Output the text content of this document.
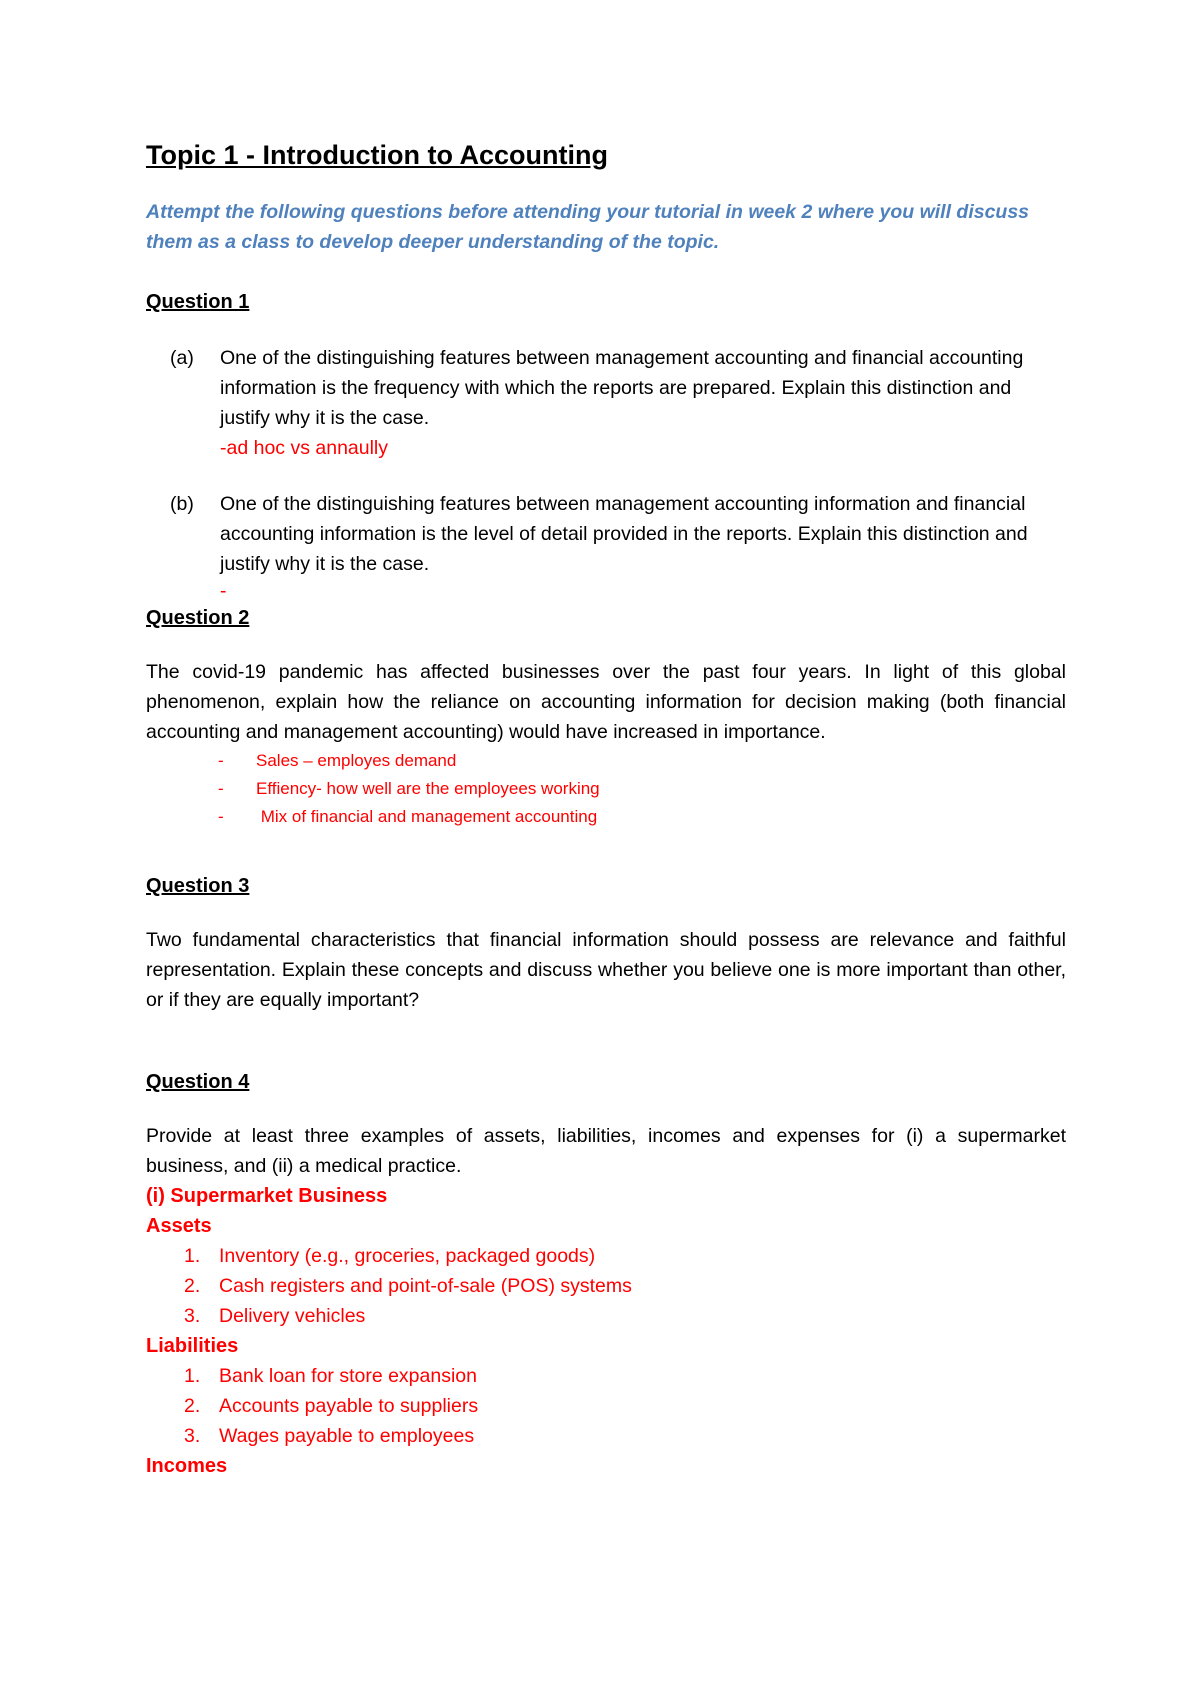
Topic 1 - Introduction to Accounting
Attempt the following questions before attending your tutorial in week 2 where you will discuss them as a class to develop deeper understanding of the topic.
Question 1
(a)	One of the distinguishing features between management accounting and financial accounting information is the frequency with which the reports are prepared. Explain this distinction and justify why it is the case.
-ad hoc vs annaully
(b)	One of the distinguishing features between management accounting information and financial accounting information is the level of detail provided in the reports. Explain this distinction and justify why it is the case.
-
Question 2
The covid-19 pandemic has affected businesses over the past four years. In light of this global phenomenon, explain how the reliance on accounting information for decision making (both financial accounting and management accounting) would have increased in importance.
-	Sales – employes demand
-	Effiency- how well are the employees working
-	Mix of financial and management accounting
Question 3
Two fundamental characteristics that financial information should possess are relevance and faithful representation. Explain these concepts and discuss whether you believe one is more important than other, or if they are equally important?
Question 4
Provide at least three examples of assets, liabilities, incomes and expenses for (i) a supermarket business, and (ii) a medical practice.
(i) Supermarket Business
Assets
1. Inventory (e.g., groceries, packaged goods)
2. Cash registers and point-of-sale (POS) systems
3. Delivery vehicles
Liabilities
1. Bank loan for store expansion
2. Accounts payable to suppliers
3. Wages payable to employees
Incomes
